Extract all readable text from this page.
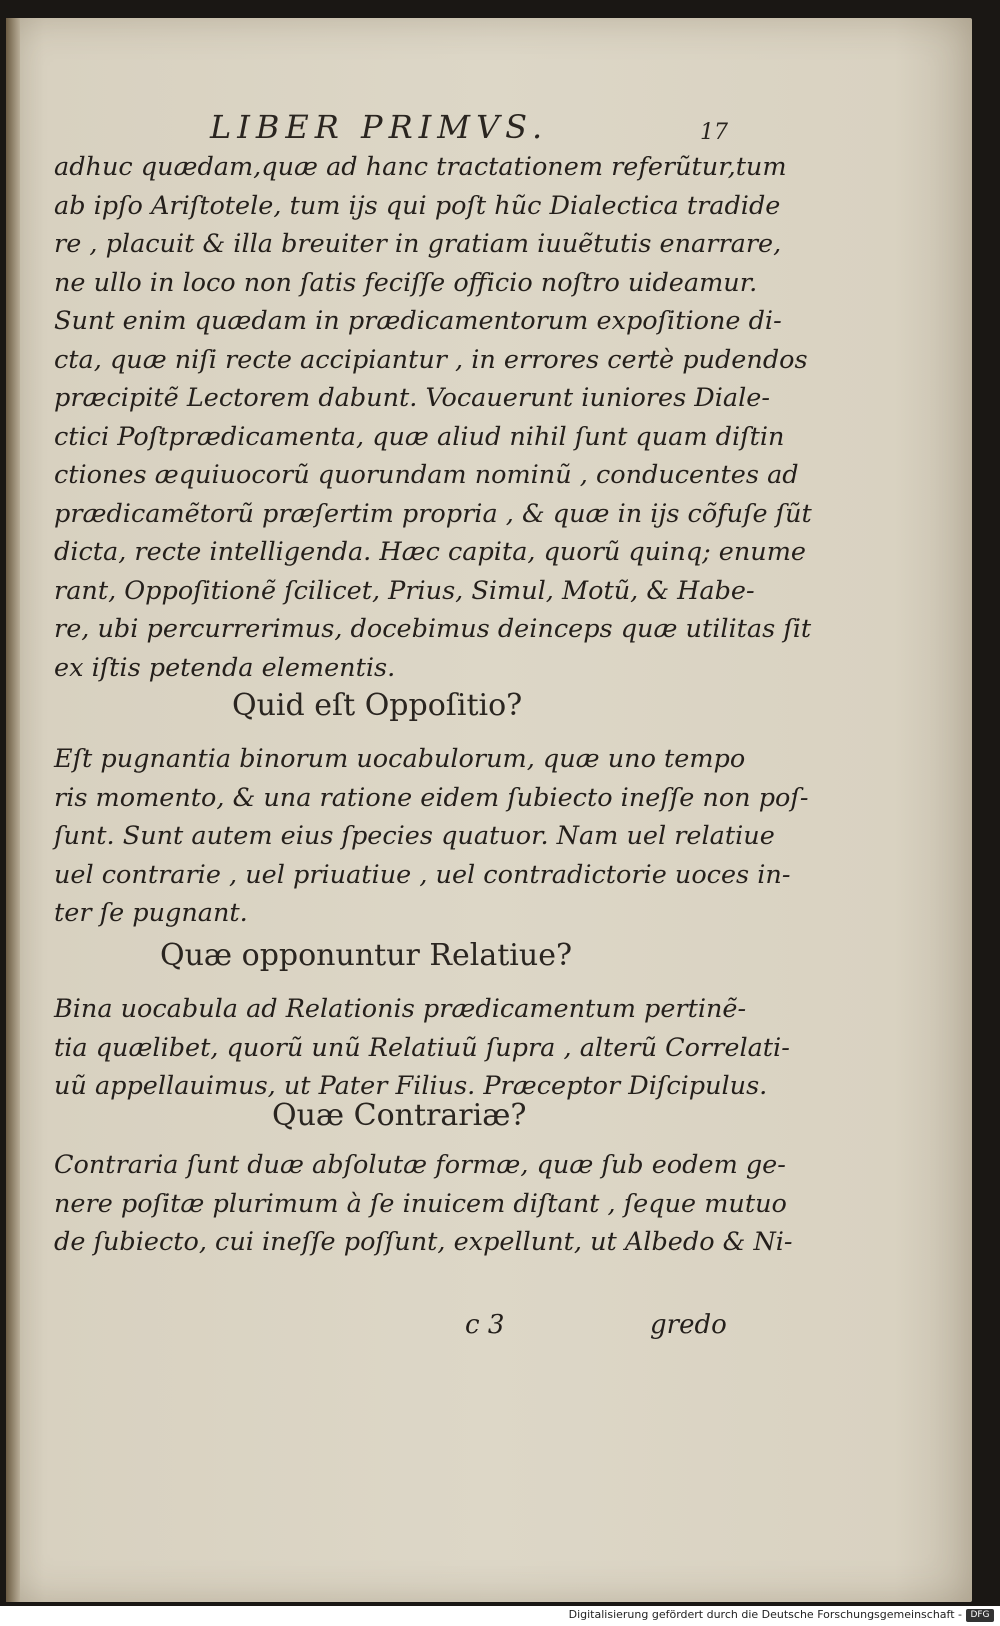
LIBER PRIMVS.	17
adhuc quædam,quæ ad hanc tractationem referũtur,tum
ab ipſo Ariſtotele, tum ijs qui poſt hũc Dialectica tradide
re , placuit & illa breuiter in gratiam iuuẽtutis enarrare,
ne ullo in loco non ſatis feciſſe officio noſtro uideamur.
Sunt enim quædam in prædicamentorum expoſitione di-
cta, quæ niſi recte accipiantur , in errores certè pudendos
præcipitẽ Lectorem dabunt. Vocauerunt iuniores Diale-
ctici Poſtprædicamenta, quæ aliud nihil ſunt quam diſtin
ctiones æquiuocorũ quorundam nominũ , conducentes ad
prædicamẽtorũ præſertim propria , & quæ in ijs cõfuſe ſũt
dicta, recte intelligenda. Hæc capita, quorũ quinq; enume
rant, Oppoſitionẽ ſcilicet, Prius, Simul, Motũ, & Habe-
re, ubi percurrerimus, docebimus deinceps quæ utilitas ſit
ex iſtis petenda elementis.
Quid eſt Oppoſitio?
Eſt pugnantia binorum uocabulorum, quæ uno tempo
ris momento, & una ratione eidem ſubiecto ineſſe non poſ-
ſunt. Sunt autem eius ſpecies quatuor. Nam uel relatiue
uel contrarie , uel priuatiue , uel contradictorie uoces in-
ter ſe pugnant.
Quæ opponuntur Relatiue?
Bina uocabula ad Relationis prædicamentum pertinẽ-
tia quælibet, quorũ unũ Relatiuũ ſupra , alterũ Correlati-
uũ appellauimus, ut Pater Filius. Præceptor Diſcipulus.
Quæ Contrariæ?
Contraria ſunt duæ abſolutæ formæ, quæ ſub eodem ge-
nere poſitæ plurimum à ſe inuicem diſtant , ſeque mutuo
de ſubiecto, cui ineſſe poſſunt, expellunt, ut Albedo & Ni-
c 3	gredo
Digitalisierung gefördert durch die Deutsche Forschungsgemeinschaft - DFG
